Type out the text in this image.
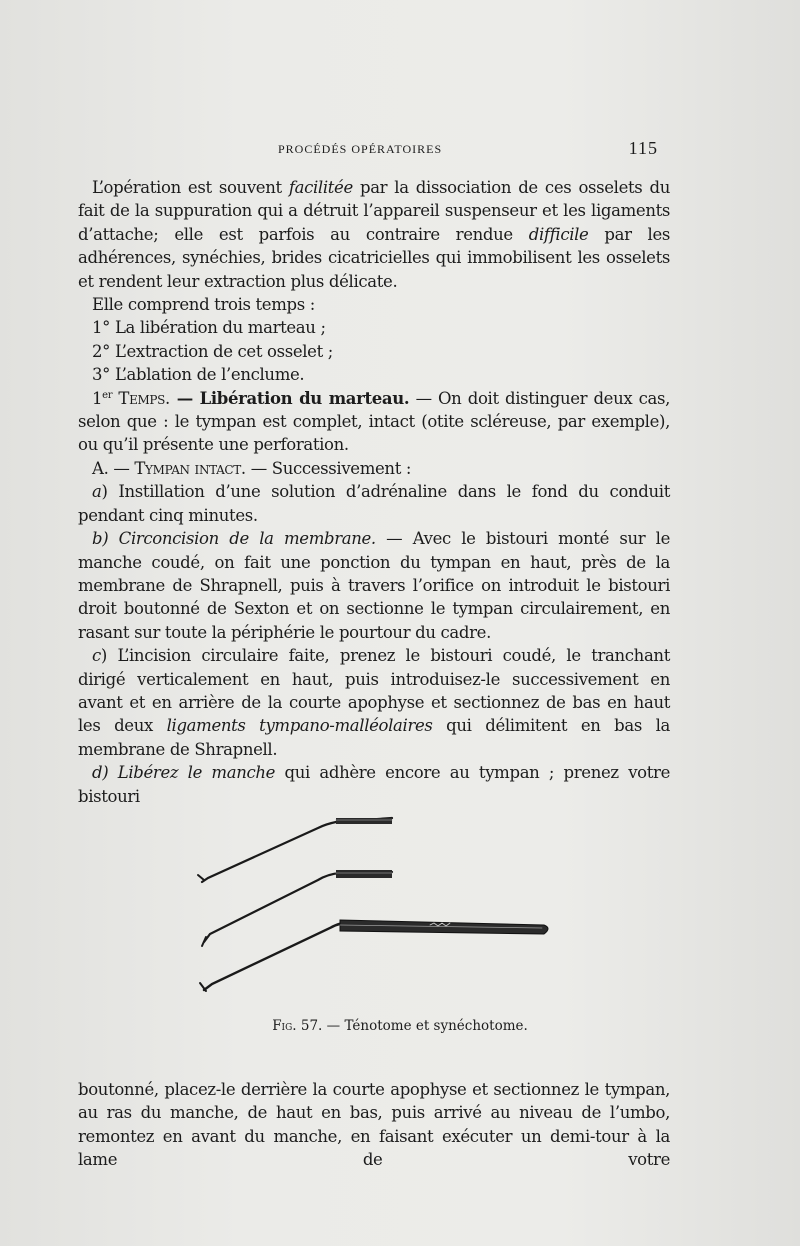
PROCÉDÉS OPÉRATOIRES	115

L’opération est souvent facilitée par la dissociation de ces osselets du fait de la suppuration qui a détruit l’appareil suspenseur et les ligaments d’attache; elle est parfois au contraire rendue difficile par les adhérences, synéchies, brides cicatricielles qui immobilisent les osselets et rendent leur extraction plus délicate.

Elle comprend trois temps :

1° La libération du marteau ;

2° L’extraction de cet osselet ;

3° L’ablation de l’enclume.

1er Temps. — Libération du marteau. — On doit distinguer deux cas, selon que : le tympan est complet, intact (otite scléreuse, par exemple), ou qu’il présente une perforation.

A. — Tympan intact. — Successivement :

a) Instillation d’une solution d’adrénaline dans le fond du conduit pendant cinq minutes.

b) Circoncision de la membrane. — Avec le bistouri monté sur le manche coudé, on fait une ponction du tympan en haut, près de la membrane de Shrapnell, puis à travers l’orifice on introduit le bistouri droit boutonné de Sexton et on sectionne le tympan circulairement, en rasant sur toute la périphérie le pourtour du cadre.

c) L’incision circulaire faite, prenez le bistouri coudé, le tranchant dirigé verticalement en haut, puis introduisez-le successivement en avant et en arrière de la courte apophyse et sectionnez de bas en haut les deux ligaments tympano-malléolaires qui délimitent en bas la membrane de Shrapnell.

d) Libérez le manche qui adhère encore au tympan ; prenez votre bistouri

Fig. 57. — Ténotome et synéchotome.

boutonné, placez-le derrière la courte apophyse et sectionnez le tympan, au ras du manche, de haut en bas, puis arrivé au niveau de l’umbo, remontez en avant du manche, en faisant exécuter un demi-tour à la lame de votre
